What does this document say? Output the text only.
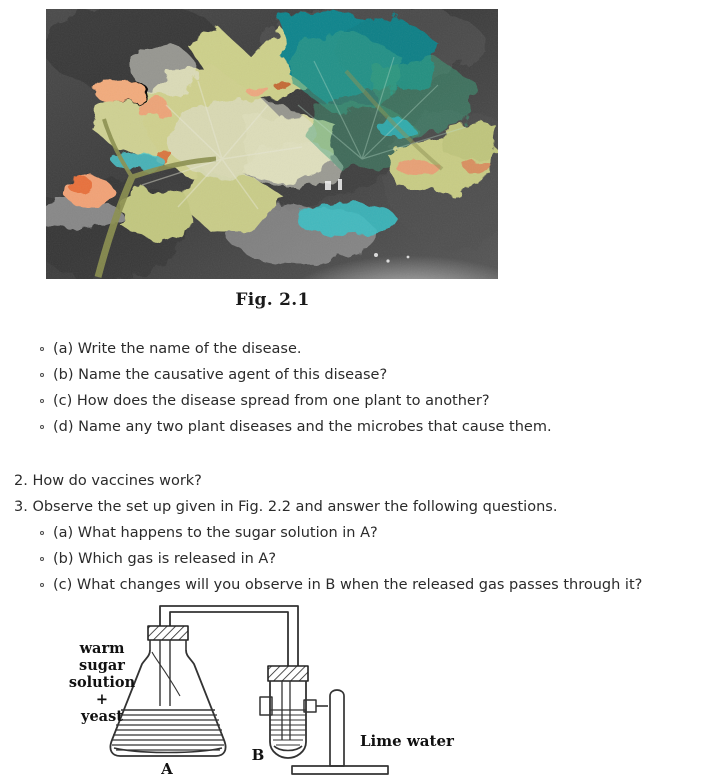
Fig. 2.1
(a) Write the name of the disease.
(b) Name the causative agent of this disease?
(c) How does the disease spread from one plant to another?
(d) Name any two plant diseases and the microbes that cause them.
2. How do vaccines work?
3. Observe the set up given in Fig. 2.2 and answer the following questions.
(a) What happens to the sugar solution in A?
(b) Which gas is released in A?
(c) What changes will you observe in B when the released gas passes through it?
warm
sugar
solution
+
yeast
A
B
Lime water
